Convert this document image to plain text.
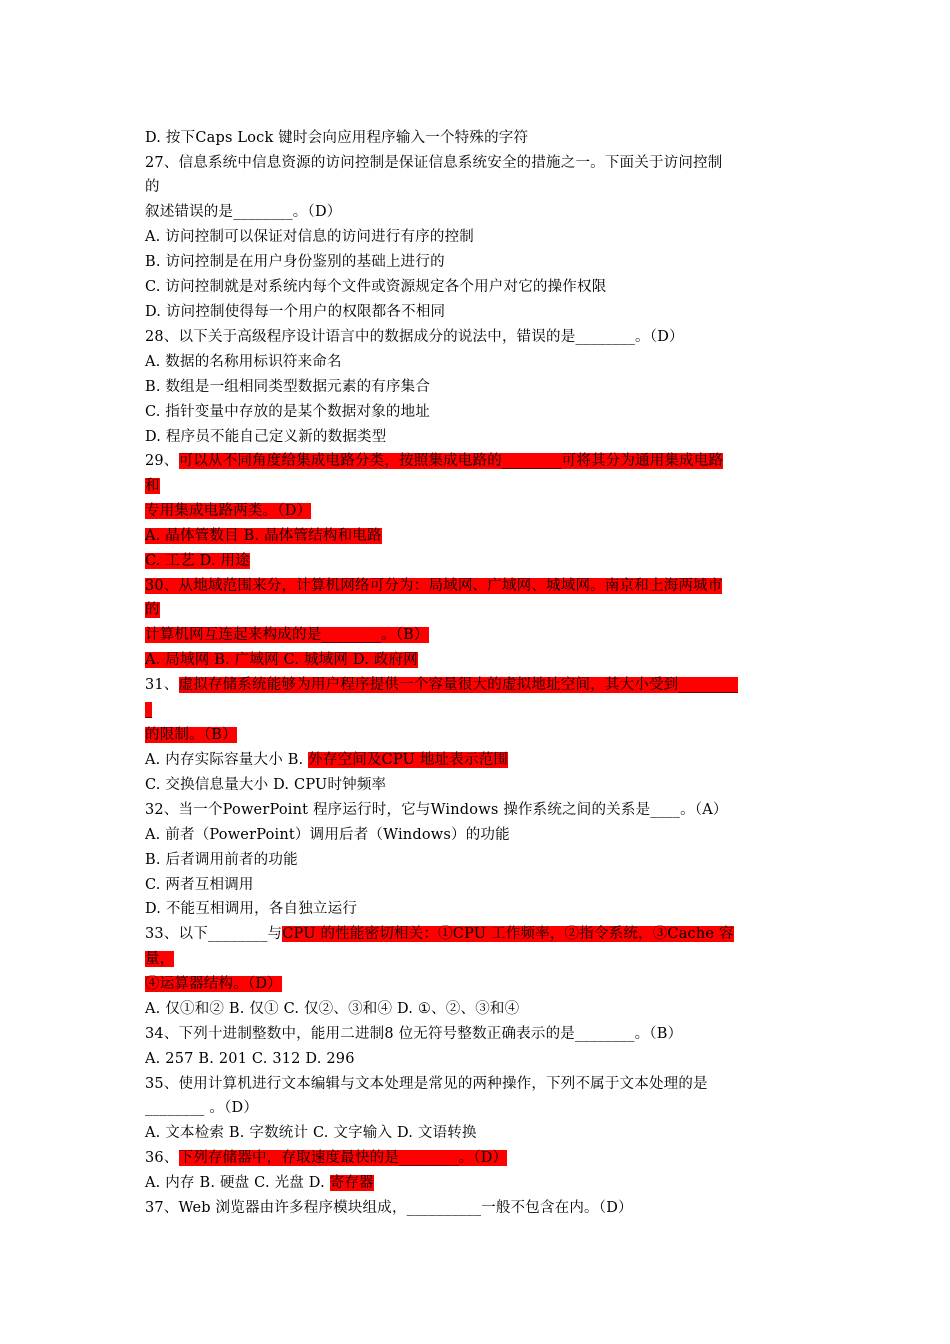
D. 按下Caps Lock 键时会向应用程序输入一个特殊的字符
27、信息系统中信息资源的访问控制是保证信息系统安全的措施之一。下面关于访问控制
的
叙述错误的是________。（D）
A. 访问控制可以保证对信息的访问进行有序的控制
B. 访问控制是在用户身份鉴别的基础上进行的
C. 访问控制就是对系统内每个文件或资源规定各个用户对它的操作权限
D. 访问控制使得每一个用户的权限都各不相同
28、以下关于高级程序设计语言中的数据成分的说法中，错误的是________。（D）
A. 数据的名称用标识符来命名
B. 数组是一组相同类型数据元素的有序集合
C. 指针变量中存放的是某个数据对象的地址
D. 程序员不能自己定义新的数据类型
29、可以从不同角度给集成电路分类，按照集成电路的________可将其分为通用集成电路
和
专用集成电路两类。（D）
A. 晶体管数目 B. 晶体管结构和电路
C. 工艺 D. 用途
30、从地域范围来分，计算机网络可分为：局域网、广域网、城域网。南京和上海两城市
的
计算机网互连起来构成的是________。（B）
A. 局域网 B. 广域网 C. 城域网 D. 政府网
31、虚拟存储系统能够为用户程序提供一个容量很大的虚拟地址空间，其大小受到________
_
的限制。（B）
A. 内存实际容量大小 B. 外存空间及CPU 地址表示范围
C. 交换信息量大小 D. CPU时钟频率
32、当一个PowerPoint 程序运行时，它与Windows 操作系统之间的关系是____。（A）
A. 前者（PowerPoint）调用后者（Windows）的功能
B. 后者调用前者的功能
C. 两者互相调用
D. 不能互相调用，各自独立运行
33、以下________与CPU 的性能密切相关：①CPU 工作频率，②指令系统，③Cache 容
量，
④运算器结构。（D）
A. 仅①和② B. 仅① C. 仅②、③和④ D. ①、②、③和④
34、下列十进制整数中，能用二进制8 位无符号整数正确表示的是________。（B）
A. 257 B. 201 C. 312 D. 296
35、使用计算机进行文本编辑与文本处理是常见的两种操作，下列不属于文本处理的是
________ 。（D）
A. 文本检索 B. 字数统计 C. 文字输入 D. 文语转换
36、下列存储器中，存取速度最快的是________。（D）
A. 内存 B. 硬盘 C. 光盘 D. 寄存器
37、Web 浏览器由许多程序模块组成，__________一般不包含在内。（D）
